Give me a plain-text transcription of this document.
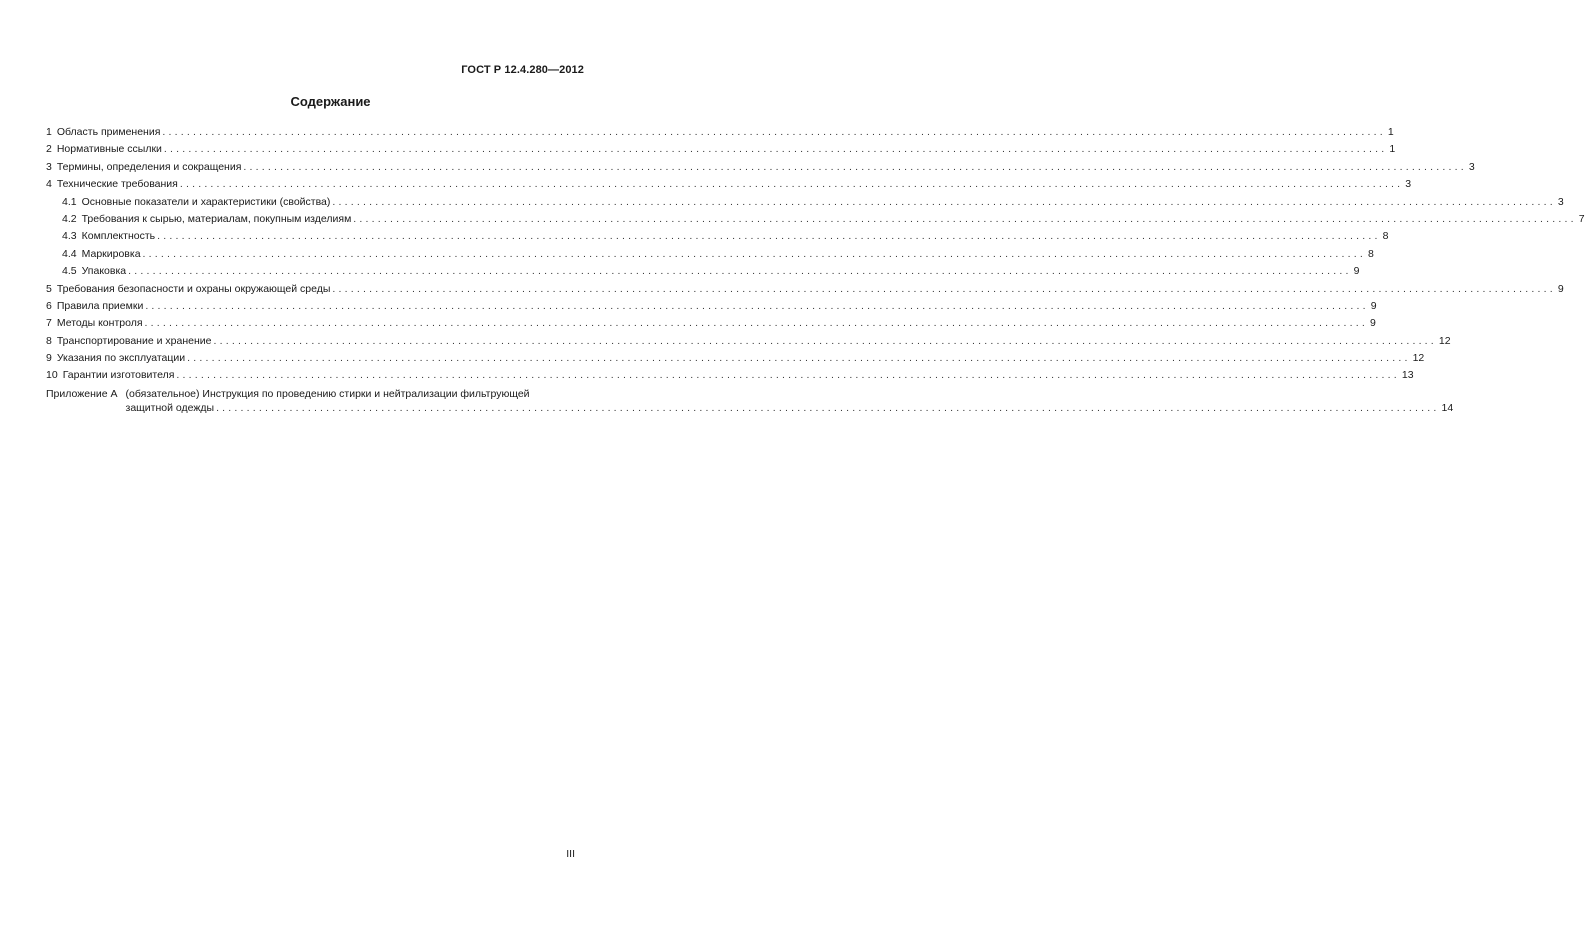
ГОСТ Р 12.4.280—2012
Содержание
1 Область применения ........................................................................................................................................................................................................ 1
2 Нормативные ссылки ........................................................................................................................................................................................................ 1
3 Термины, определения и сокращения ........................................................................................................................................................................................................ 3
4 Технические требования ........................................................................................................................................................................................................ 3
4.1 Основные показатели и характеристики (свойства) ........................................................................................................................................................................................................ 3
4.2 Требования к сырью, материалам, покупным изделиям ........................................................................................................................................................................................................ 7
4.3 Комплектность ........................................................................................................................................................................................................ 8
4.4 Маркировка ........................................................................................................................................................................................................ 8
4.5 Упаковка ........................................................................................................................................................................................................ 9
5 Требования безопасности и охраны окружающей среды ........................................................................................................................................................................................................ 9
6 Правила приемки ........................................................................................................................................................................................................ 9
7 Методы контроля ........................................................................................................................................................................................................ 9
8 Транспортирование и хранение ........................................................................................................................................................................................................ 12
9 Указания по эксплуатации ........................................................................................................................................................................................................ 12
10 Гарантии изготовителя ........................................................................................................................................................................................................ 13
Приложение А (обязательное) Инструкция по проведению стирки и нейтрализации фильтрующей
защитной одежды ........................................................................................................................................................................................................ 14
III
